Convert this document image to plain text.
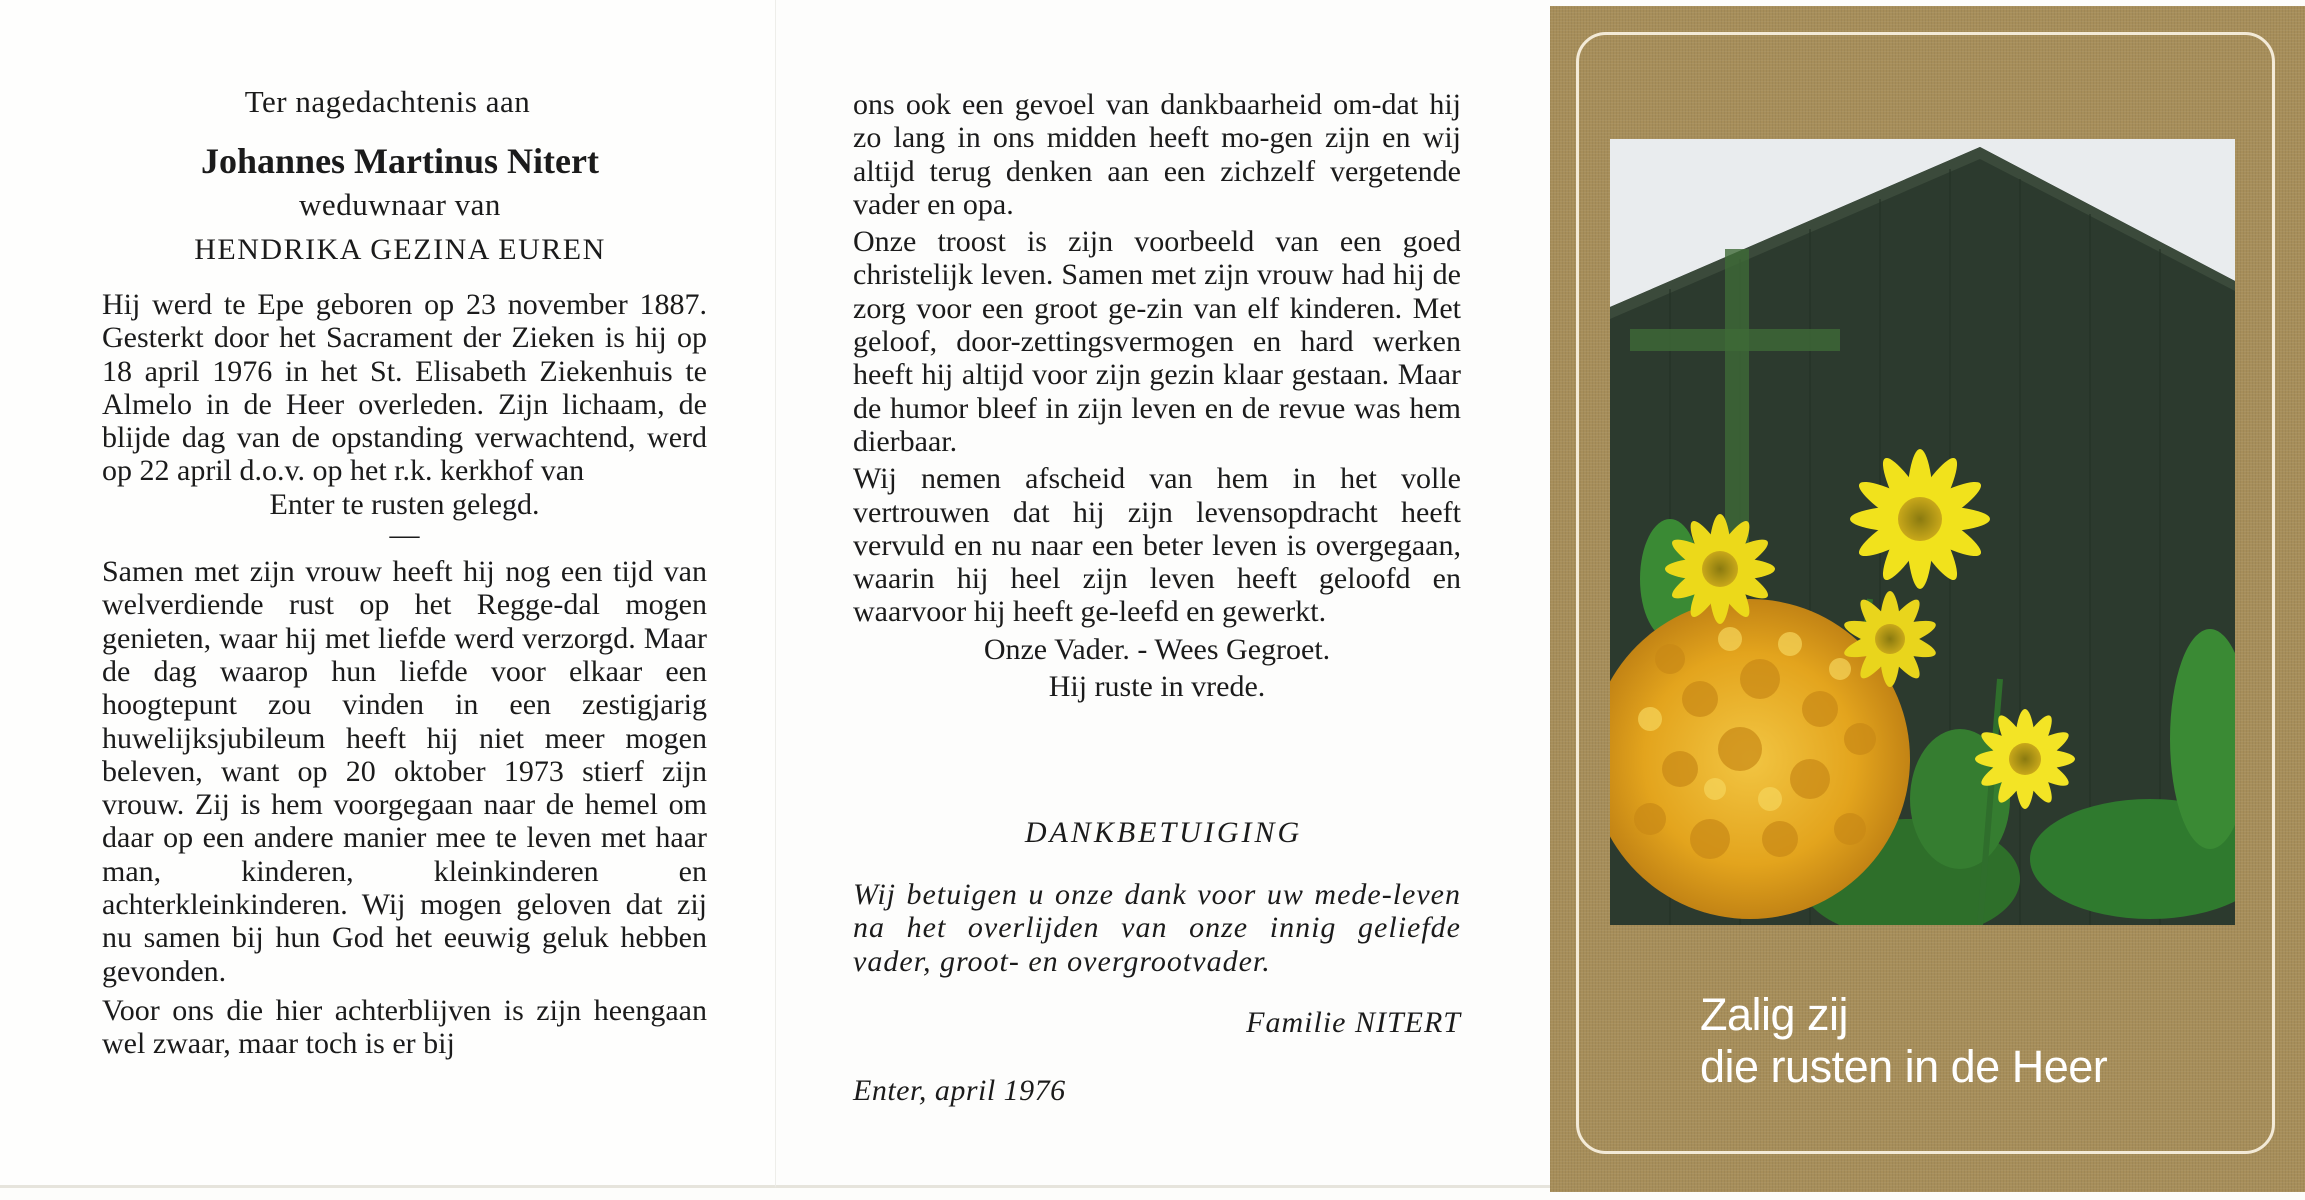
Ter nagedachtenis aan
Johannes Martinus Nitert
weduwnaar van
HENDRIKA GEZINA EUREN

Hij werd te Epe geboren op 23 november 1887. Gesterkt door het Sacrament der Zieken is hij op 18 april 1976 in het St. Elisabeth Ziekenhuis te Almelo in de Heer overleden. Zijn lichaam, de blijde dag van de opstanding verwachtend, werd op 22 april d.o.v. op het r.k. kerkhof van

Enter te rusten gelegd.

—

Samen met zijn vrouw heeft hij nog een tijd van welverdiende rust op het Regge-dal mogen genieten, waar hij met liefde werd verzorgd. Maar de dag waarop hun liefde voor elkaar een hoogtepunt zou vinden in een zestigjarig huwelijksjubileum heeft hij niet meer mogen beleven, want op 20 oktober 1973 stierf zijn vrouw. Zij is hem voorgegaan naar de hemel om daar op een andere manier mee te leven met haar man, kinderen, kleinkinderen en achterkleinkinderen. Wij mogen geloven dat zij nu samen bij hun God het eeuwig geluk hebben gevonden.

Voor ons die hier achterblijven is zijn heengaan wel zwaar, maar toch is er bij

ons ook een gevoel van dankbaarheid om-dat hij zo lang in ons midden heeft mo-gen zijn en wij altijd terug denken aan een zichzelf vergetende vader en opa.

Onze troost is zijn voorbeeld van een goed christelijk leven. Samen met zijn vrouw had hij de zorg voor een groot ge-zin van elf kinderen. Met geloof, door-zettingsvermogen en hard werken heeft hij altijd voor zijn gezin klaar gestaan. Maar de humor bleef in zijn leven en de revue was hem dierbaar.

Wij nemen afscheid van hem in het volle vertrouwen dat hij zijn levensopdracht heeft vervuld en nu naar een beter leven is overgegaan, waarin hij heel zijn leven heeft geloofd en waarvoor hij heeft ge-leefd en gewerkt.

Onze Vader. - Wees Gegroet.

Hij ruste in vrede.

DANKBETUIGING

Wij betuigen u onze dank voor uw mede-leven na het overlijden van onze innig geliefde vader, groot- en overgrootvader.

Familie NITERT
Enter, april 1976
Zalig zij
die rusten in de Heer
